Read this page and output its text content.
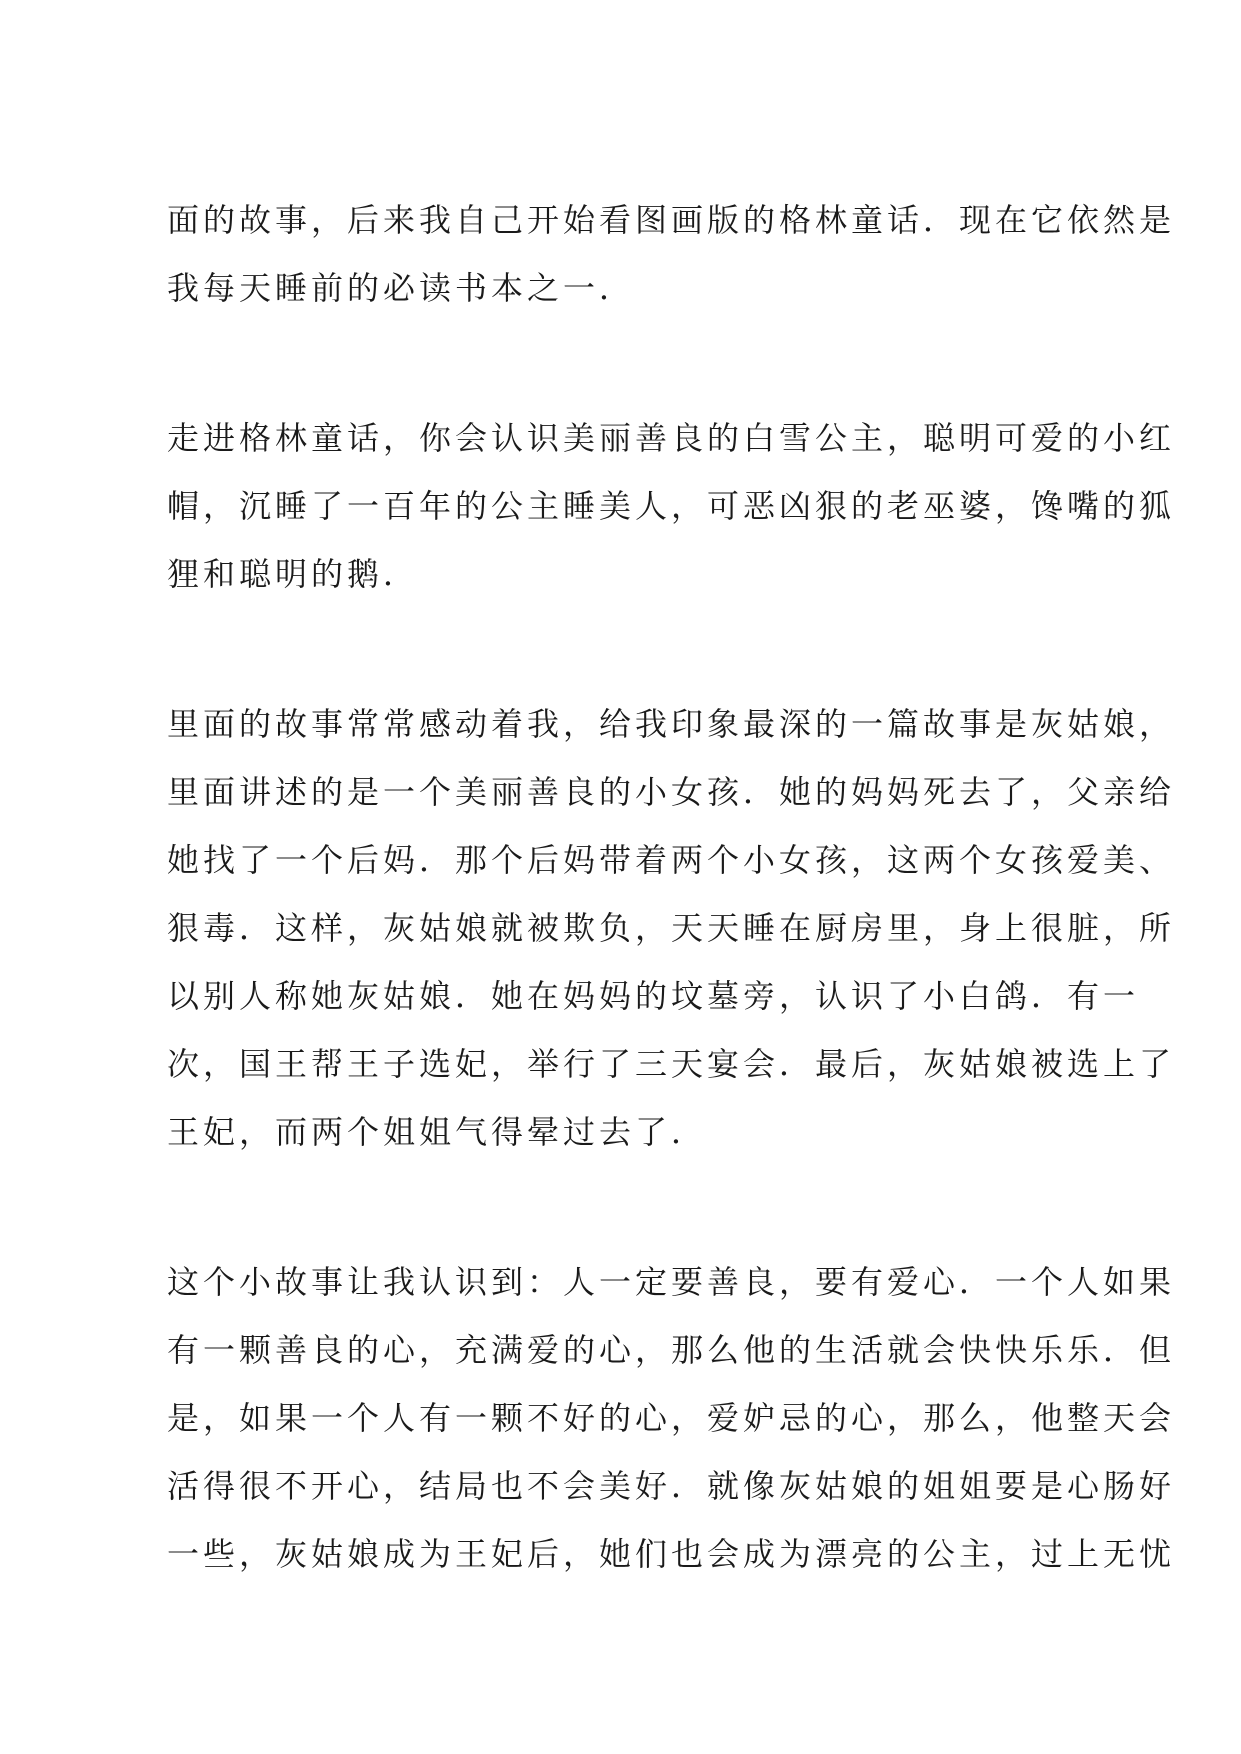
面的故事，后来我自己开始看图画版的格林童话．现在它依然是
我每天睡前的必读书本之一．
走进格林童话，你会认识美丽善良的白雪公主，聪明可爱的小红
帽，沉睡了一百年的公主睡美人，可恶凶狠的老巫婆，馋嘴的狐
狸和聪明的鹅．
里面的故事常常感动着我，给我印象最深的一篇故事是灰姑娘，
里面讲述的是一个美丽善良的小女孩．她的妈妈死去了，父亲给
她找了一个后妈．那个后妈带着两个小女孩，这两个女孩爱美、
狠毒．这样，灰姑娘就被欺负，天天睡在厨房里，身上很脏，所
以别人称她灰姑娘．她在妈妈的坟墓旁，认识了小白鸽．有一
次，国王帮王子选妃，举行了三天宴会．最后，灰姑娘被选上了
王妃，而两个姐姐气得晕过去了．
这个小故事让我认识到：人一定要善良，要有爱心．一个人如果
有一颗善良的心，充满爱的心，那么他的生活就会快快乐乐．但
是，如果一个人有一颗不好的心，爱妒忌的心，那么，他整天会
活得很不开心，结局也不会美好．就像灰姑娘的姐姐要是心肠好
一些，灰姑娘成为王妃后，她们也会成为漂亮的公主，过上无忧
